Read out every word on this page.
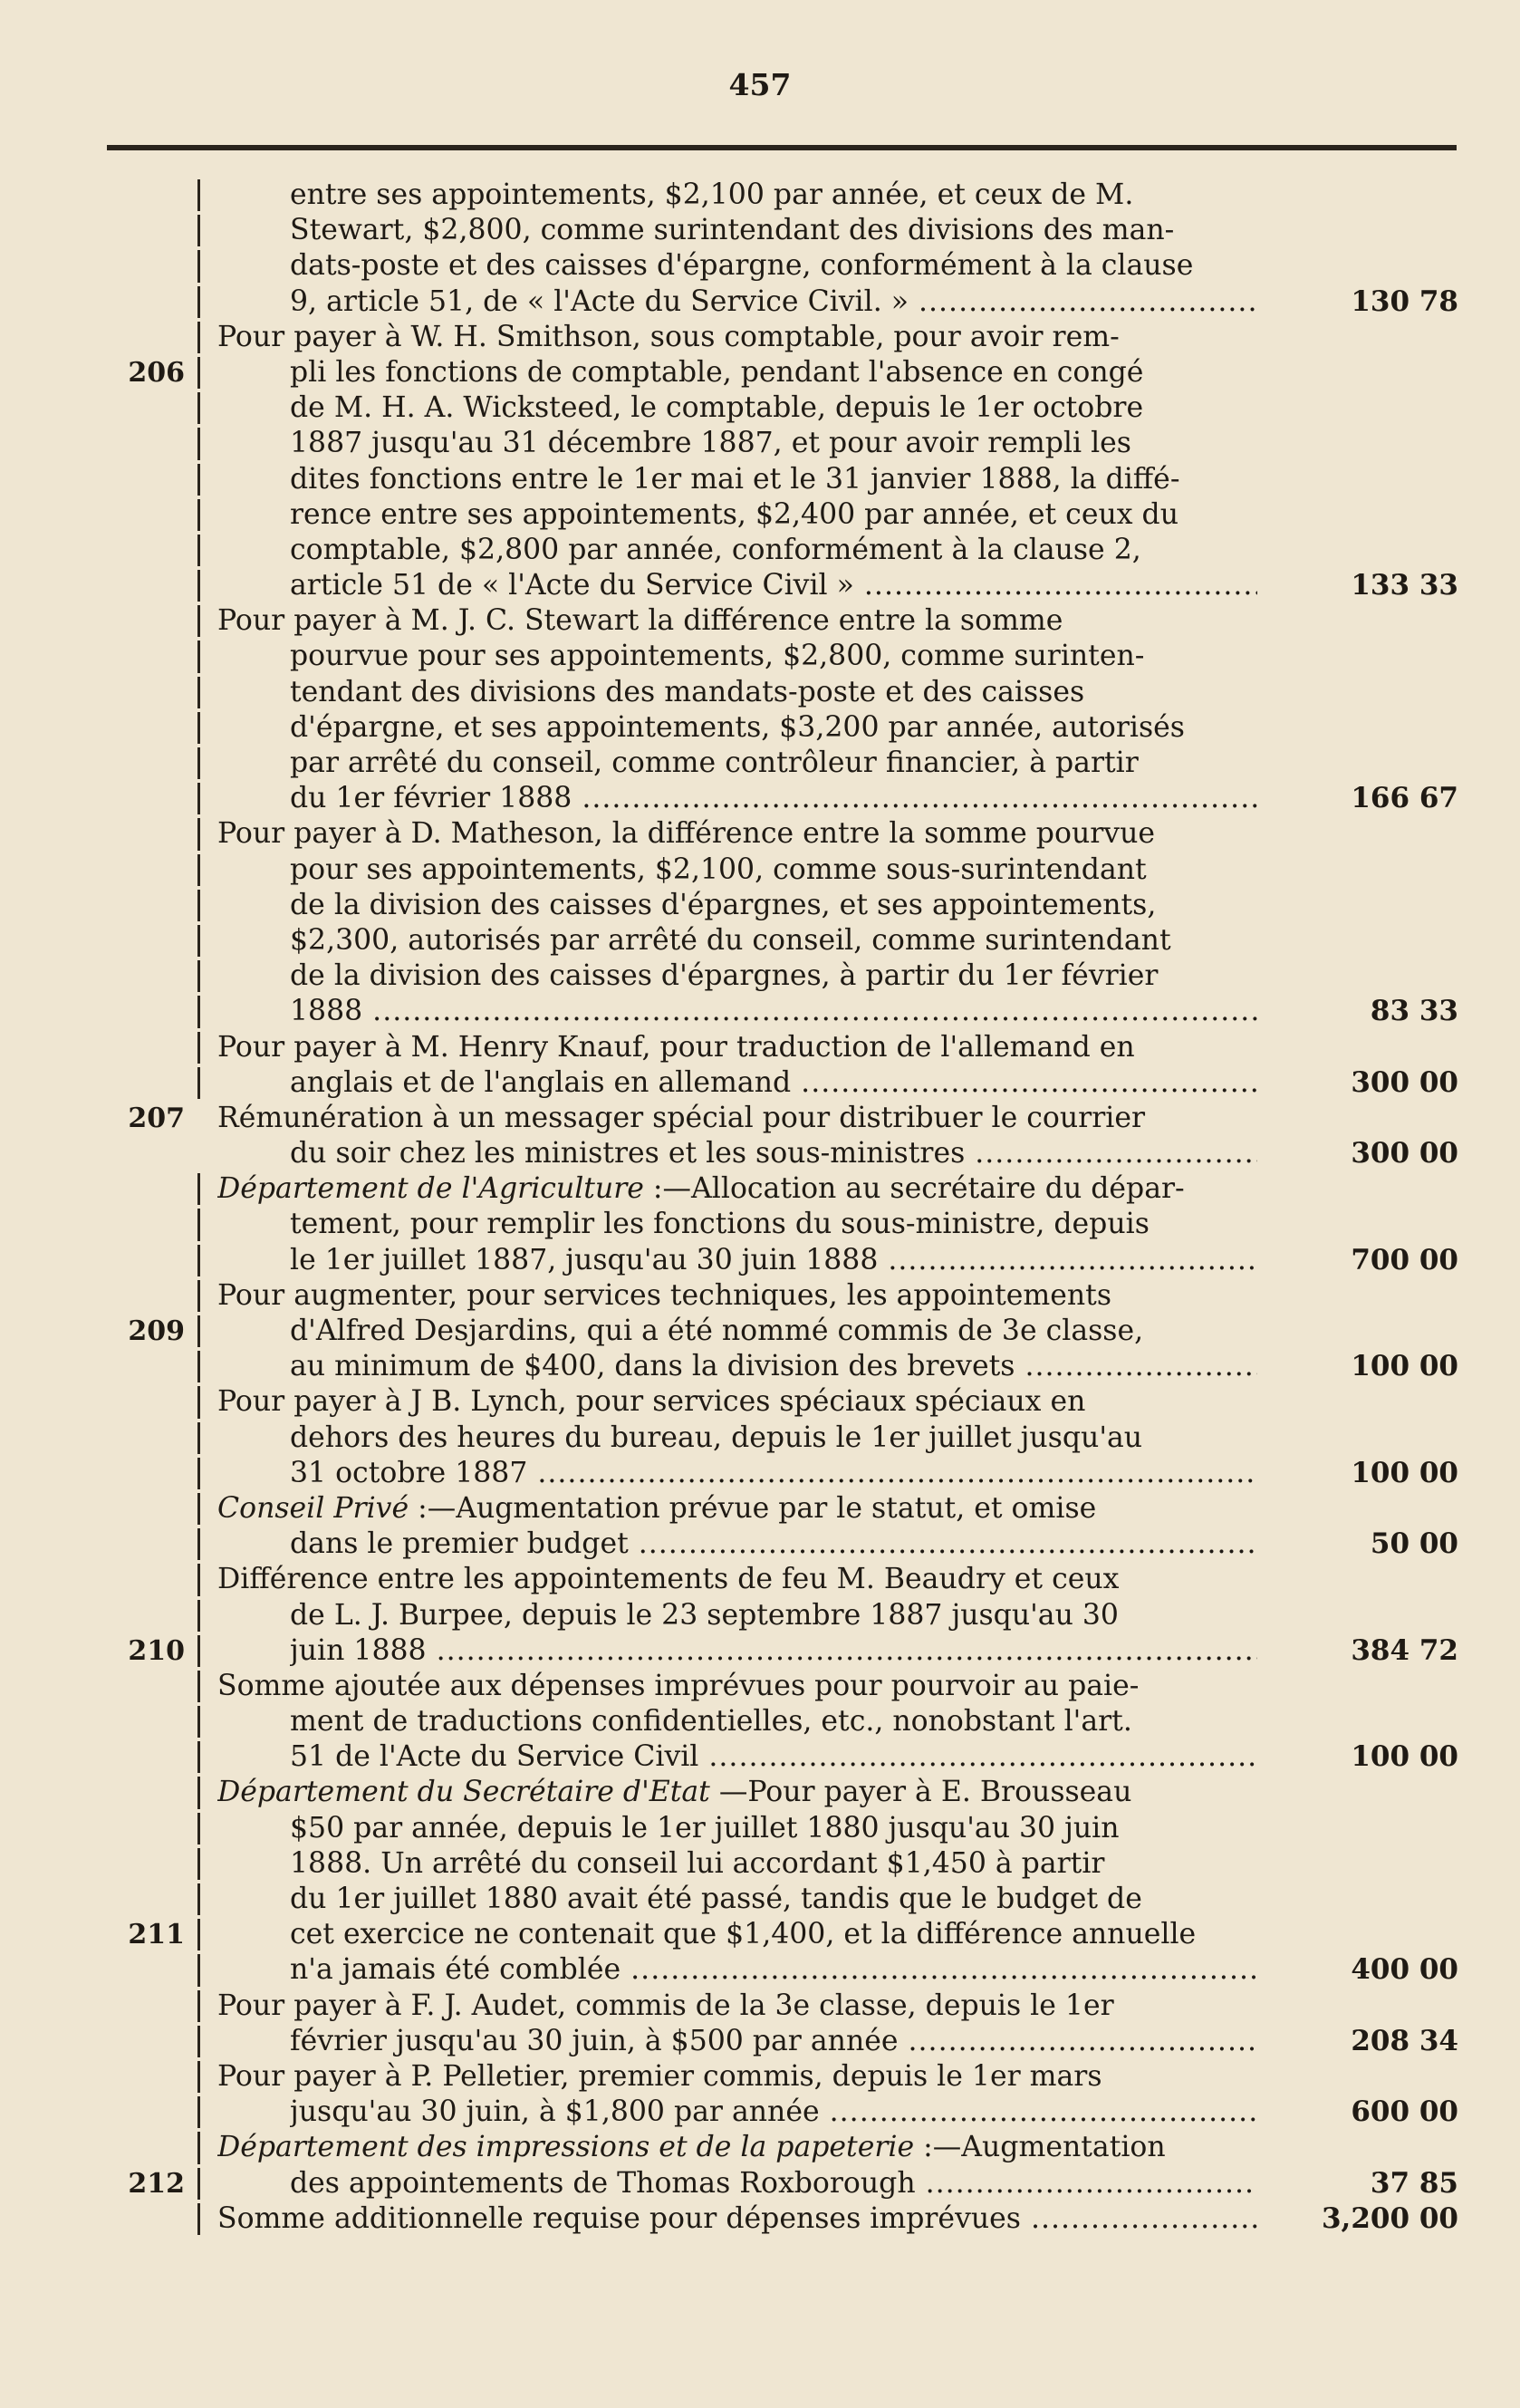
457
entre ses appointements, $2,100 par année, et ceux de M.
Stewart, $2,800, comme surintendant des divisions des man-
dats-poste et des caisses d'épargne, conformément à la clause
9, article 51, de « l'Acte du Service Civil. » .....	130 78
Pour payer à W. H. Smithson, sous comptable, pour avoir rem-
206	pli les fonctions de comptable, pendant l'absence en congé
de M. H. A. Wicksteed, le comptable, depuis le 1er octobre
1887 jusqu'au 31 décembre 1887, et pour avoir rempli les
dites fonctions entre le 1er mai et le 31 janvier 1888, la diffé-
rence entre ses appointements, $2,400 par année, et ceux du
comptable, $2,800 par année, conformément à la clause 2,
article 51 de « l'Acte du Service Civil » .....	133 33
Pour payer à M. J. C. Stewart la différence entre la somme
pourvue pour ses appointements, $2,800, comme surinten-
tendant des divisions des mandats-poste et des caisses
d'épargne, et ses appointements, $3,200 par année, autorisés
par arrêté du conseil, comme contrôleur financier, à partir
du 1er février 1888 .....	166 67
Pour payer à D. Matheson, la différence entre la somme pourvue
pour ses appointements, $2,100, comme sous-surintendant
de la division des caisses d'épargnes, et ses appointements,
$2,300, autorisés par arrêté du conseil, comme surintendant
de la division des caisses d'épargnes, à partir du 1er février
1888 .....	83 33
Pour payer à M. Henry Knauf, pour traduction de l'allemand en
anglais et de l'anglais en allemand .....	300 00
207 Rémunération à un messager spécial pour distribuer le courrier
du soir chez les ministres et les sous-ministres .....	300 00
Département de l'Agriculture :—Allocation au secrétaire du dépar-
tement, pour remplir les fonctions du sous-ministre, depuis
le 1er juillet 1887, jusqu'au 30 juin 1888 .....	700 00
Pour augmenter, pour services techniques, les appointements
209	d'Alfred Desjardins, qui a été nommé commis de 3e classe,
au minimum de $400, dans la division des brevets .....	100 00
Pour payer à J B. Lynch, pour services spéciaux spéciaux en
dehors des heures du bureau, depuis le 1er juillet jusqu'au
31 octobre 1887 .....	100 00
Conseil Privé :—Augmentation prévue par le statut, et omise
dans le premier budget .....	50 00
Différence entre les appointements de feu M. Beaudry et ceux
de L. J. Burpee, depuis le 23 septembre 1887 jusqu'au 30
210	juin 1888 .....	384 72
Somme ajoutée aux dépenses imprévues pour pourvoir au paie-
ment de traductions confidentielles, etc., nonobstant l'art.
51 de l'Acte du Service Civil .....	100 00
Département du Secrétaire d'Etat —Pour payer à E. Brousseau
$50 par année, depuis le 1er juillet 1880 jusqu'au 30 juin
1888. Un arrêté du conseil lui accordant $1,450 à partir
du 1er juillet 1880 avait été passé, tandis que le budget de
211	cet exercice ne contenait que $1,400, et la différence annuelle
n'a jamais été comblée .....	400 00
Pour payer à F. J. Audet, commis de la 3e classe, depuis le 1er
février jusqu'au 30 juin, à $500 par année .....	208 34
Pour payer à P. Pelletier, premier commis, depuis le 1er mars
jusqu'au 30 juin, à $1,800 par année .....	600 00
Département des impressions et de la papeterie :—Augmentation
212	des appointements de Thomas Roxborough .....	37 85
Somme additionnelle requise pour dépenses imprévues .....	3,200 00
